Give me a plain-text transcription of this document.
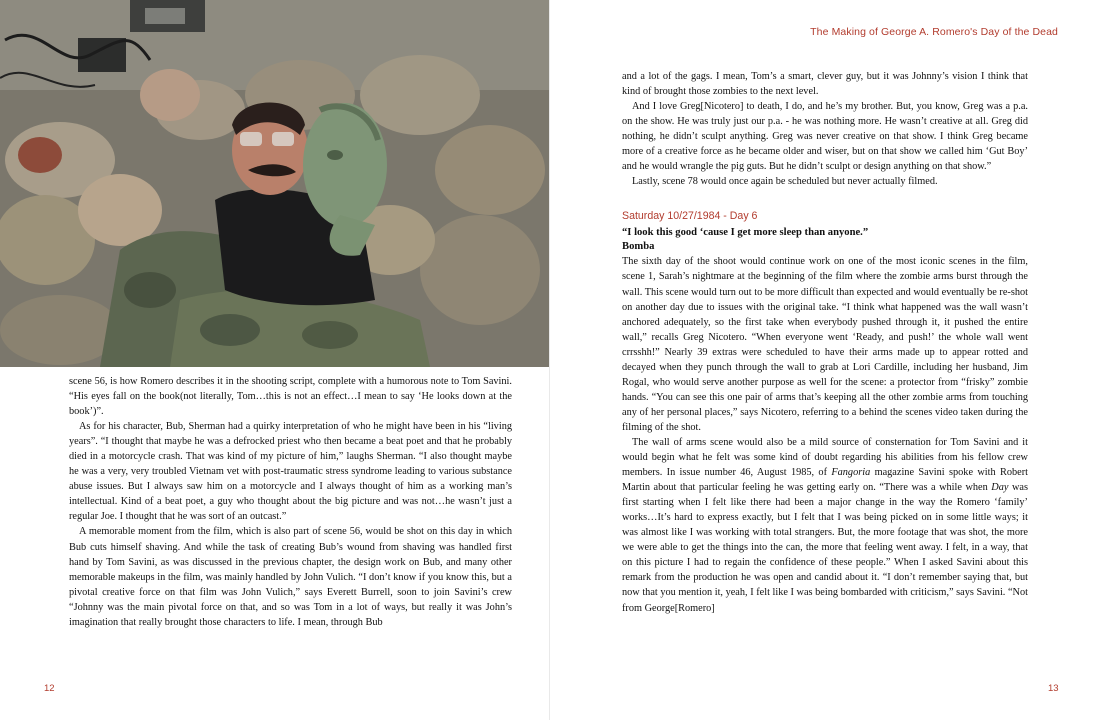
scene 56, is how Romero describes it in the shooting script, complete with a humorous note to Tom Savini. “His eyes fall on the book(not literally, Tom…this is not an effect…I mean to say ‘He looks down at the book’)”.

As for his character, Bub, Sherman had a quirky interpretation of who he might have been in his “living years”. “I thought that maybe he was a defrocked priest who then became a beat poet and that he probably died in a motorcycle crash. That was kind of my picture of him,” laughs Sherman. “I also thought maybe he was a very, very troubled Vietnam vet with post-traumatic stress syndrome leading to various substance abuse issues. But I always saw him on a motorcycle and I always thought of him as a working man’s intellectual. Kind of a beat poet, a guy who thought about the big picture and was not…he wasn’t just a regular Joe. I thought that he was sort of an outcast.”

A memorable moment from the film, which is also part of scene 56, would be shot on this day in which Bub cuts himself shaving. And while the task of creating Bub’s wound from shaving was handled first hand by Tom Savini, as was discussed in the previous chapter, the design work on Bub, and many other memorable makeups in the film, was mainly handled by John Vulich. “I don’t know if you know this, but a pivotal creative force on that film was John Vulich,” says Everett Burrell, soon to join Savini’s crew “Johnny was the main pivotal force on that, and so was Tom in a lot of ways, but really it was John’s imagination that really brought those characters to life. I mean, through Bub

12
The Making of George A. Romero's Day of the Dead

and a lot of the gags. I mean, Tom’s a smart, clever guy, but it was Johnny’s vision I think that kind of brought those zombies to the next level.

And I love Greg[Nicotero] to death, I do, and he’s my brother. But, you know, Greg was a p.a. on the show. He was truly just our p.a. - he was nothing more. He wasn’t creative at all. Greg did nothing, he didn’t sculpt anything. Greg was never creative on that show. I think Greg became more of a creative force as he became older and wiser, but on that show we called him ‘Gut Boy’ and he would wrangle the pig guts. But he didn’t sculpt or design anything on that show.”

Lastly, scene 78 would once again be scheduled but never actually filmed.

Saturday 10/27/1984 - Day 6

“I look this good ‘cause I get more sleep than anyone.”

Bomba

The sixth day of the shoot would continue work on one of the most iconic scenes in the film, scene 1, Sarah’s nightmare at the beginning of the film where the zombie arms burst through the wall. This scene would turn out to be more difficult than expected and would eventually be re-shot on another day due to issues with the original take. “I think what happened was the wall wasn’t anchored adequately, so the first take when everybody pushed through it, it pushed the entire wall,” recalls Greg Nicotero. “When everyone went ‘Ready, and push!’ the whole wall went crrsshh!” Nearly 39 extras were scheduled to have their arms made up to appear rotted and decayed when they punch through the wall to grab at Lori Cardille, including her husband, Jim Rogal, who would serve another purpose as well for the scene: a protector from “frisky” zombie hands. “You can see this one pair of arms that’s keeping all the other zombie arms from touching any of her personal places,” says Nicotero, referring to a behind the scenes video taken during the filming of the shot.

The wall of arms scene would also be a mild source of consternation for Tom Savini and it would begin what he felt was some kind of doubt regarding his abilities from his fellow crew members. In issue number 46, August 1985, of Fangoria magazine Savini spoke with Robert Martin about that particular feeling he was getting early on. “There was a while when Day was first starting when I felt like there had been a major change in the way the Romero ‘family’ works…It’s hard to express exactly, but I felt that I was being picked on in some little ways; it was almost like I was working with total strangers. But, the more footage that was shot, the more we were able to get the things into the can, the more that feeling went away. I felt, in a way, that on this picture I had to regain the confidence of these people.” When I asked Savini about this remark from the production he was open and candid about it. “I don’t remember saying that, but now that you mention it, yeah, I felt like I was being bombarded with criticism,” says Savini. “Not from George[Romero]

13
